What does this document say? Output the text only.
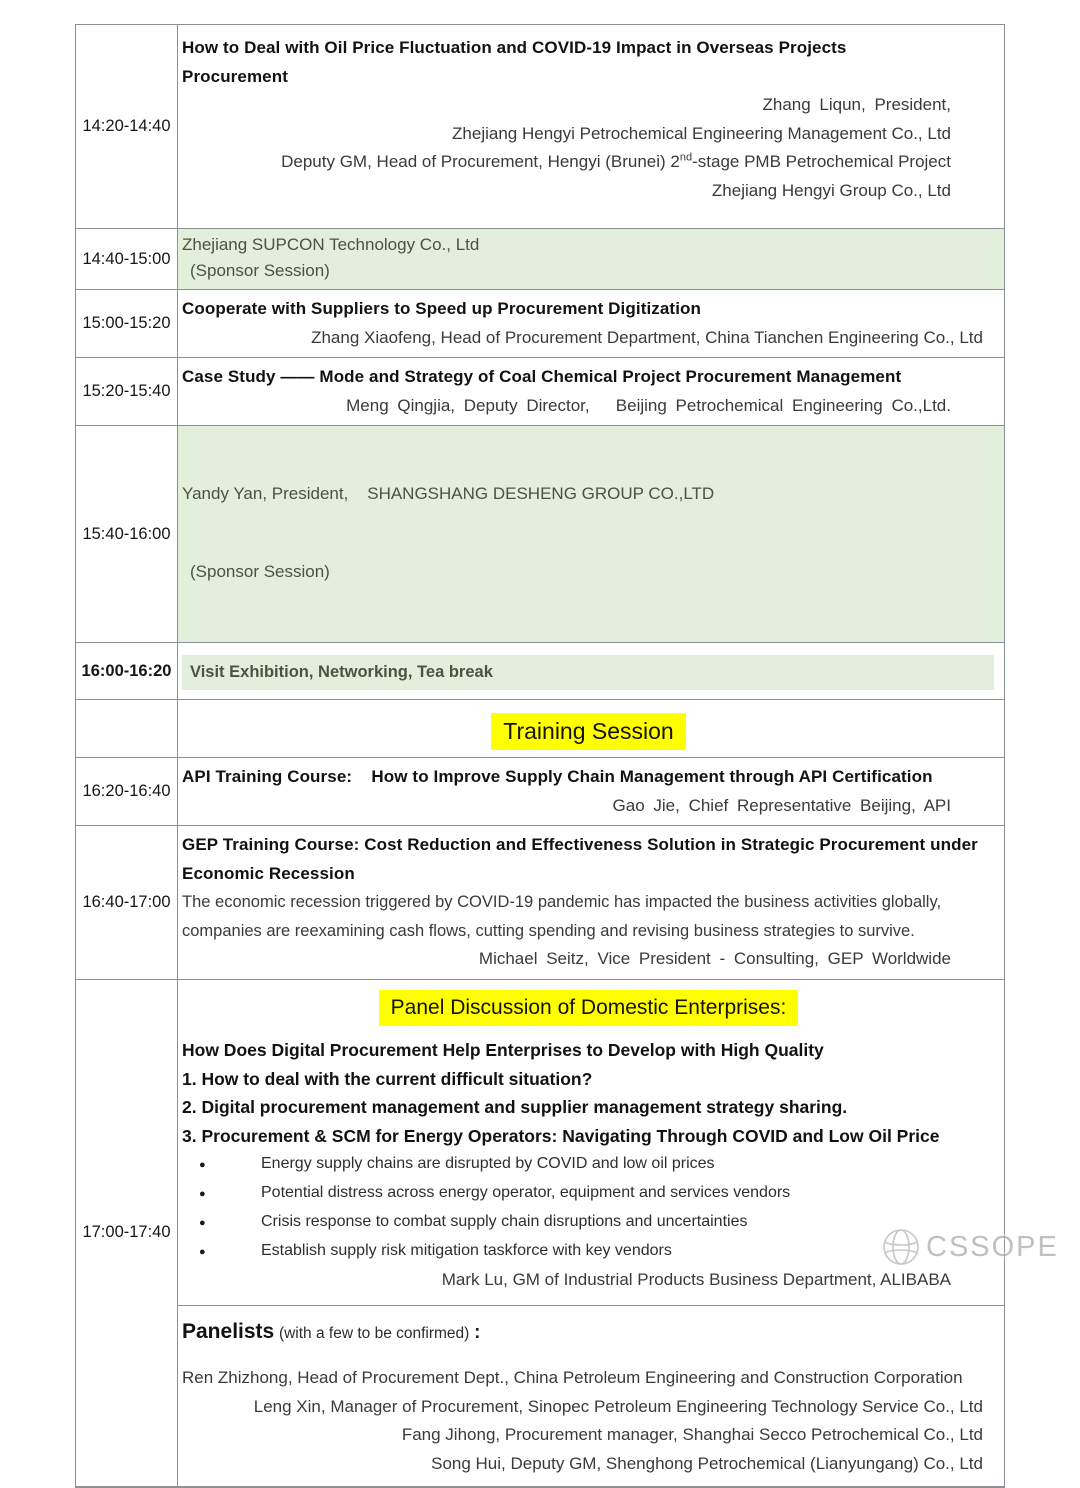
14:20-14:40
How to Deal with Oil Price Fluctuation and COVID-19 Impact in Overseas Projects
Procurement
Zhang Liqun, President,
Zhejiang Hengyi Petrochemical Engineering Management Co., Ltd
Deputy GM, Head of Procurement, Hengyi (Brunei) 2nd-stage PMB Petrochemical Project
Zhejiang Hengyi Group Co., Ltd
14:40-15:00
Zhejiang SUPCON Technology Co., Ltd
(Sponsor Session)
15:00-15:20
Cooperate with Suppliers to Speed up Procurement Digitization
Zhang Xiaofeng, Head of Procurement Department, China Tianchen Engineering Co., Ltd
15:20-15:40
Case Study —— Mode and Strategy of Coal Chemical Project Procurement Management
Meng Qingjia, Deputy Director,   Beijing Petrochemical Engineering Co.,Ltd.
15:40-16:00

Yandy Yan, President,    SHANGSHANG DESHENG GROUP CO.,LTD

(Sponsor Session)

16:00-16:20	Visit Exhibition, Networking, Tea break
Training Session
16:20-16:40
API Training Course:    How to Improve Supply Chain Management through API Certification
Gao Jie, Chief Representative Beijing, API
16:40-17:00
GEP Training Course: Cost Reduction and Effectiveness Solution in Strategic Procurement under
Economic Recession
The economic recession triggered by COVID-19 pandemic has impacted the business activities globally,
companies are reexamining cash flows, cutting spending and revising business strategies to survive.
Michael Seitz, Vice President - Consulting, GEP Worldwide
17:00-17:40
Panel Discussion of Domestic Enterprises:
How Does Digital Procurement Help Enterprises to Develop with High Quality
1. How to deal with the current difficult situation?
2. Digital procurement management and supplier management strategy sharing.
3. Procurement & SCM for Energy Operators: Navigating Through COVID and Low Oil Price
●	Energy supply chains are disrupted by COVID and low oil prices
●	Potential distress across energy operator, equipment and services vendors
●	Crisis response to combat supply chain disruptions and uncertainties
●	Establish supply risk mitigation taskforce with key vendors
Mark Lu, GM of Industrial Products Business Department, ALIBABA
Panelists (with a few to be confirmed) :
Ren Zhizhong, Head of Procurement Dept., China Petroleum Engineering and Construction Corporation
Leng Xin, Manager of Procurement, Sinopec Petroleum Engineering Technology Service Co., Ltd
Fang Jihong, Procurement manager, Shanghai Secco Petrochemical Co., Ltd
Song Hui, Deputy GM, Shenghong Petrochemical (Lianyungang) Co., Ltd
CSSOPE
